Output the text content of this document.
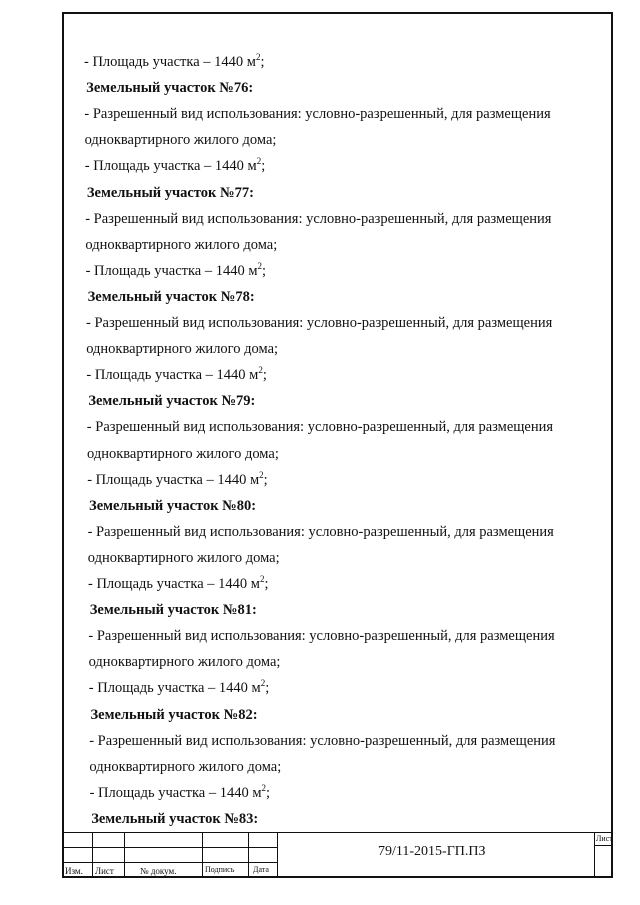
- Площадь участка – 1440 $м^2$;
Земельный участок №76:
- Разрешенный вид использования: условно-разрешенный, для размещения
одноквартирного жилого дома;
- Площадь участка – 1440 $м^2$;
Земельный участок №77:
- Разрешенный вид использования: условно-разрешенный, для размещения
одноквартирного жилого дома;
- Площадь участка – 1440 $м^2$;
Земельный участок №78:
- Разрешенный вид использования: условно-разрешенный, для размещения
одноквартирного жилого дома;
- Площадь участка – 1440 $м^2$;
Земельный участок №79:
- Разрешенный вид использования: условно-разрешенный, для размещения
одноквартирного жилого дома;
- Площадь участка – 1440 $м^2$;
Земельный участок №80:
- Разрешенный вид использования: условно-разрешенный, для размещения
одноквартирного жилого дома;
- Площадь участка – 1440 $м^2$;
Земельный участок №81:
- Разрешенный вид использования: условно-разрешенный, для размещения
одноквартирного жилого дома;
- Площадь участка – 1440 $м^2$;
Земельный участок №82:
- Разрешенный вид использования: условно-разрешенный, для размещения
одноквартирного жилого дома;
- Площадь участка – 1440 $м^2$;
Земельный участок №83:
Изм. Лист	№ докум.	Подпись Дата
79/11-2015-ГП.ПЗ
Лист
